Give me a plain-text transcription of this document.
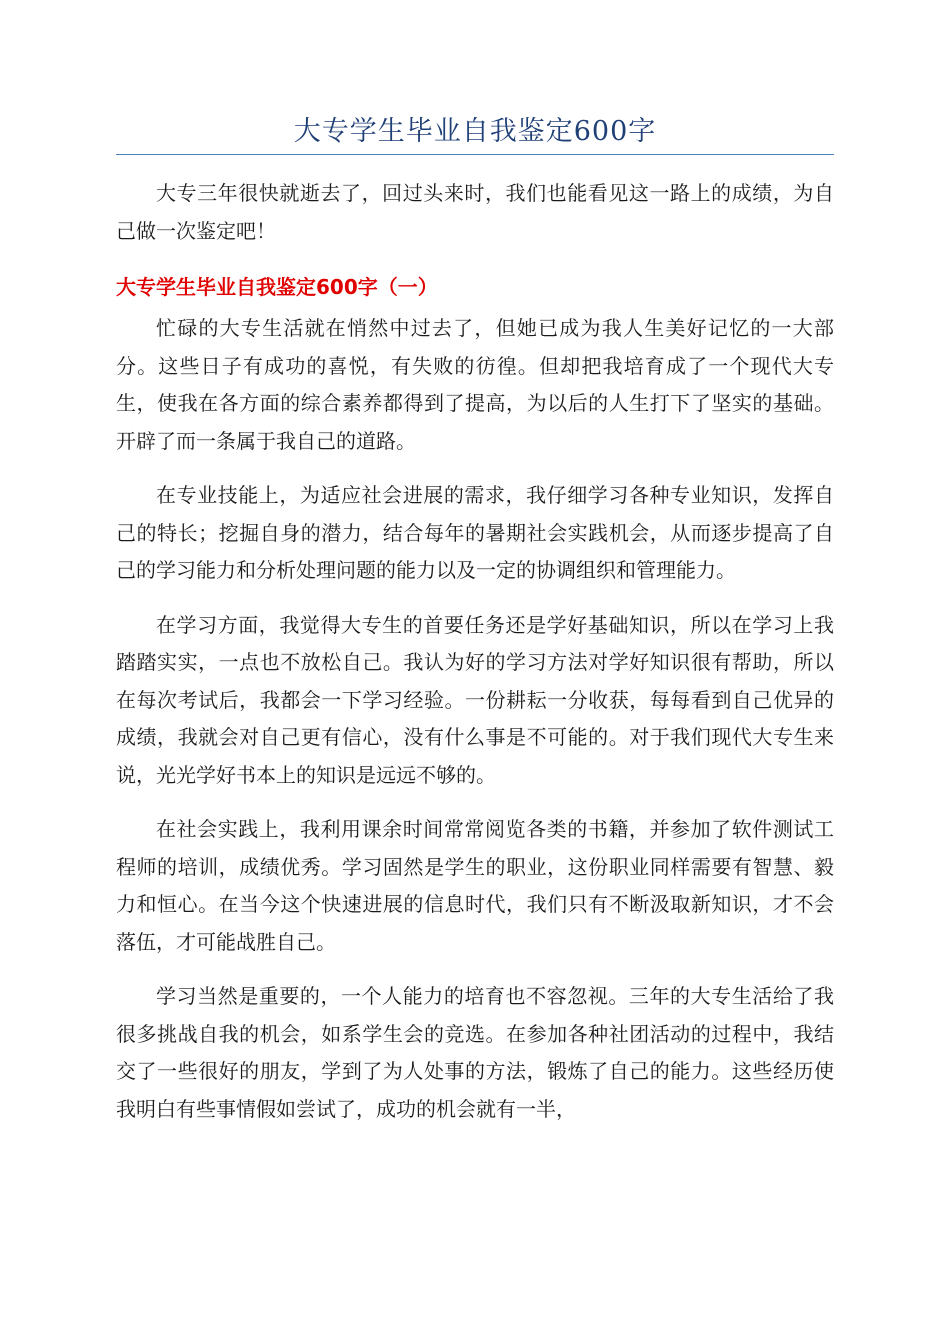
大专学生毕业自我鉴定600字

大专三年很快就逝去了，回过头来时，我们也能看见这一路上的成绩，为自己做一次鉴定吧！

大专学生毕业自我鉴定600字（一）

忙碌的大专生活就在悄然中过去了，但她已成为我人生美好记忆的一大部分。这些日子有成功的喜悦，有失败的彷徨。但却把我培育成了一个现代大专生，使我在各方面的综合素养都得到了提高，为以后的人生打下了坚实的基础。开辟了而一条属于我自己的道路。

在专业技能上，为适应社会进展的需求，我仔细学习各种专业知识，发挥自己的特长；挖掘自身的潜力，结合每年的暑期社会实践机会，从而逐步提高了自己的学习能力和分析处理问题的能力以及一定的协调组织和管理能力。

在学习方面，我觉得大专生的首要任务还是学好基础知识，所以在学习上我踏踏实实，一点也不放松自己。我认为好的学习方法对学好知识很有帮助，所以在每次考试后，我都会一下学习经验。一份耕耘一分收获，每每看到自己优异的成绩，我就会对自己更有信心，没有什么事是不可能的。对于我们现代大专生来说，光光学好书本上的知识是远远不够的。

在社会实践上，我利用课余时间常常阅览各类的书籍，并参加了软件测试工程师的培训，成绩优秀。学习固然是学生的职业，这份职业同样需要有智慧、毅力和恒心。在当今这个快速进展的信息时代，我们只有不断汲取新知识，才不会落伍，才可能战胜自己。

学习当然是重要的，一个人能力的培育也不容忽视。三年的大专生活给了我很多挑战自我的机会，如系学生会的竞选。在参加各种社团活动的过程中，我结交了一些很好的朋友，学到了为人处事的方法，锻炼了自己的能力。这些经历使我明白有些事情假如尝试了，成功的机会就有一半，
